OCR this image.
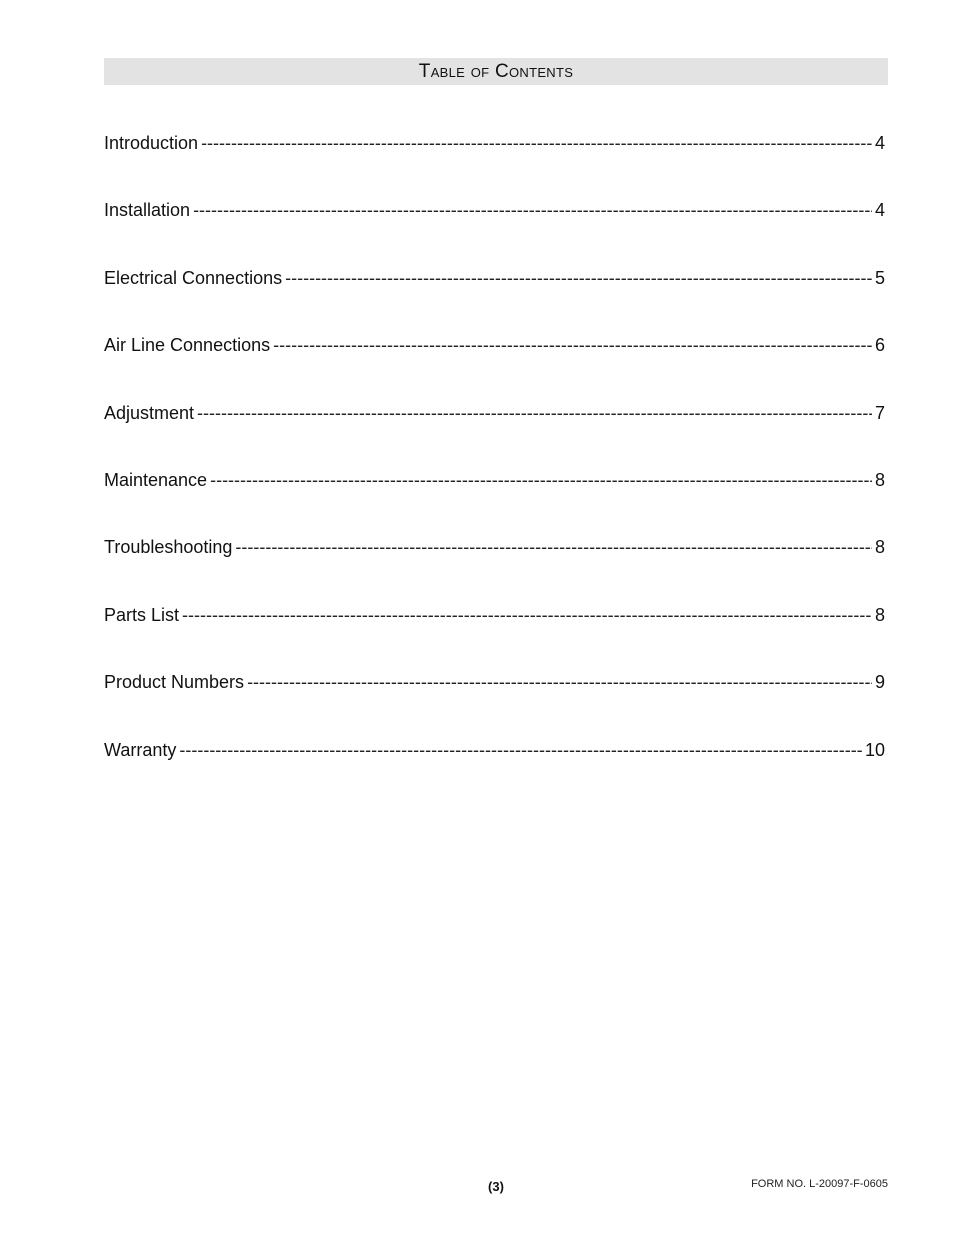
Table of Contents
Introduction -----	4
Installation -----	4
Electrical Connections -----	5
Air Line Connections -----	6
Adjustment -----	7
Maintenance -----	8
Troubleshooting -----	8
Parts List -----	8
Product Numbers -----	9
Warranty -----	10
(3)	FORM NO. L-20097-F-0605
